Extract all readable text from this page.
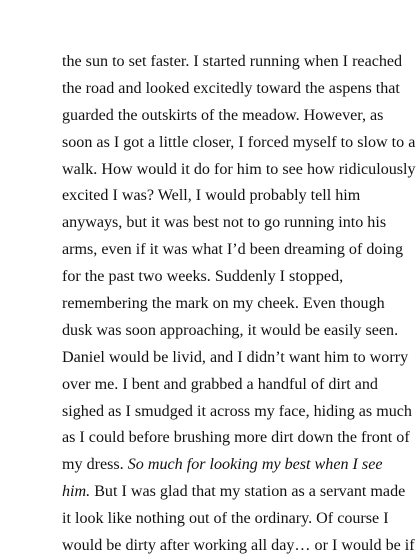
the sun to set faster. I started running when I reached
the road and looked excitedly toward the aspens that
guarded the outskirts of the meadow. However, as
soon as I got a little closer, I forced myself to slow to a
walk. How would it do for him to see how ridiculously
excited I was? Well, I would probably tell him
anyways, but it was best not to go running into his
arms, even if it was what I’d been dreaming of doing
for the past two weeks. Suddenly I stopped,
remembering the mark on my cheek. Even though
dusk was soon approaching, it would be easily seen.
Daniel would be livid, and I didn’t want him to worry
over me. I bent and grabbed a handful of dirt and
sighed as I smudged it across my face, hiding as much
as I could before brushing more dirt down the front of
my dress. So much for looking my best when I see
him. But I was glad that my station as a servant made
it look like nothing out of the ordinary. Of course I
would be dirty after working all day… or I would be if
